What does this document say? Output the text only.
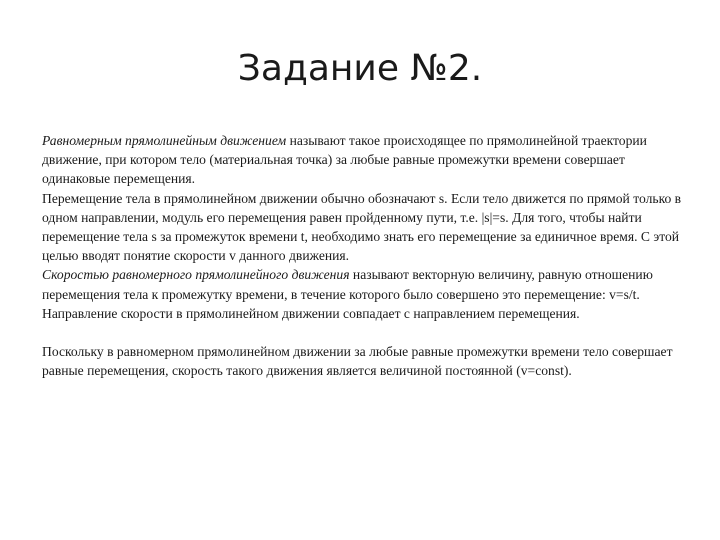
Задание №2.

Равномерным прямолинейным движением называют такое происходящее по прямолинейной траектории движение, при котором тело (материальная точка) за любые равные промежутки времени совершает одинаковые перемещения.

Перемещение тела в прямолинейном движении обычно обозначают s. Если тело движется по прямой только в одном направлении, модуль его перемещения равен пройденному пути, т.е. |s|=s. Для того, чтобы найти перемещение тела s за промежуток времени t, необходимо знать его перемещение за единичное время. С этой целью вводят понятие скорости v данного движения.

Скоростью равномерного прямолинейного движения называют векторную величину, равную отношению перемещения тела к промежутку времени, в течение которого было совершено это перемещение: v=s/t.

Направление скорости в прямолинейном движении совпадает с направлением перемещения.

Поскольку в равномерном прямолинейном движении за любые равные промежутки времени тело совершает равные перемещения, скорость такого движения является величиной постоянной (v=const).
